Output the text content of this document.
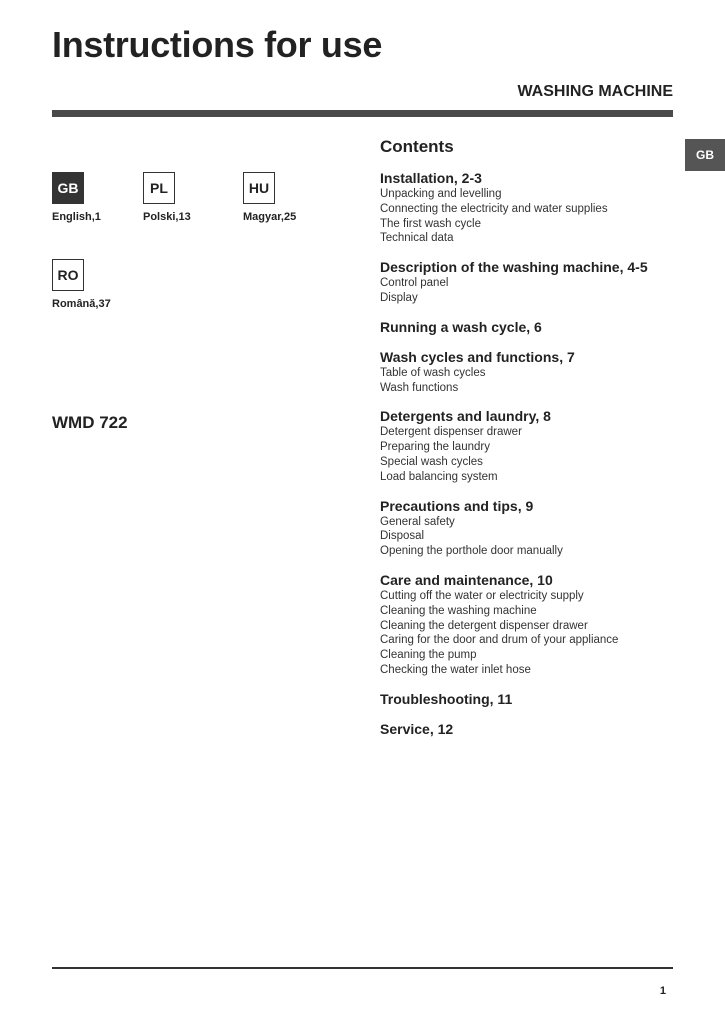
Instructions for use
WASHING MACHINE
GB
GB
English,1
PL
Polski,13
HU
Magyar,25
RO
Română,37
WMD 722
Contents
Installation, 2-3
Unpacking and levelling
Connecting the electricity and water supplies
The first wash cycle
Technical data
Description of the washing machine, 4-5
Control panel
Display
Running a wash cycle, 6
Wash cycles and functions, 7
Table of wash cycles
Wash functions
Detergents and laundry, 8
Detergent dispenser drawer
Preparing the laundry
Special wash cycles
Load balancing system
Precautions and tips, 9
General safety
Disposal
Opening the porthole door manually
Care and maintenance, 10
Cutting off the water or electricity supply
Cleaning the washing machine
Cleaning the detergent dispenser drawer
Caring for the door and drum of your appliance
Cleaning the pump
Checking the water inlet hose
Troubleshooting, 11
Service, 12
1
